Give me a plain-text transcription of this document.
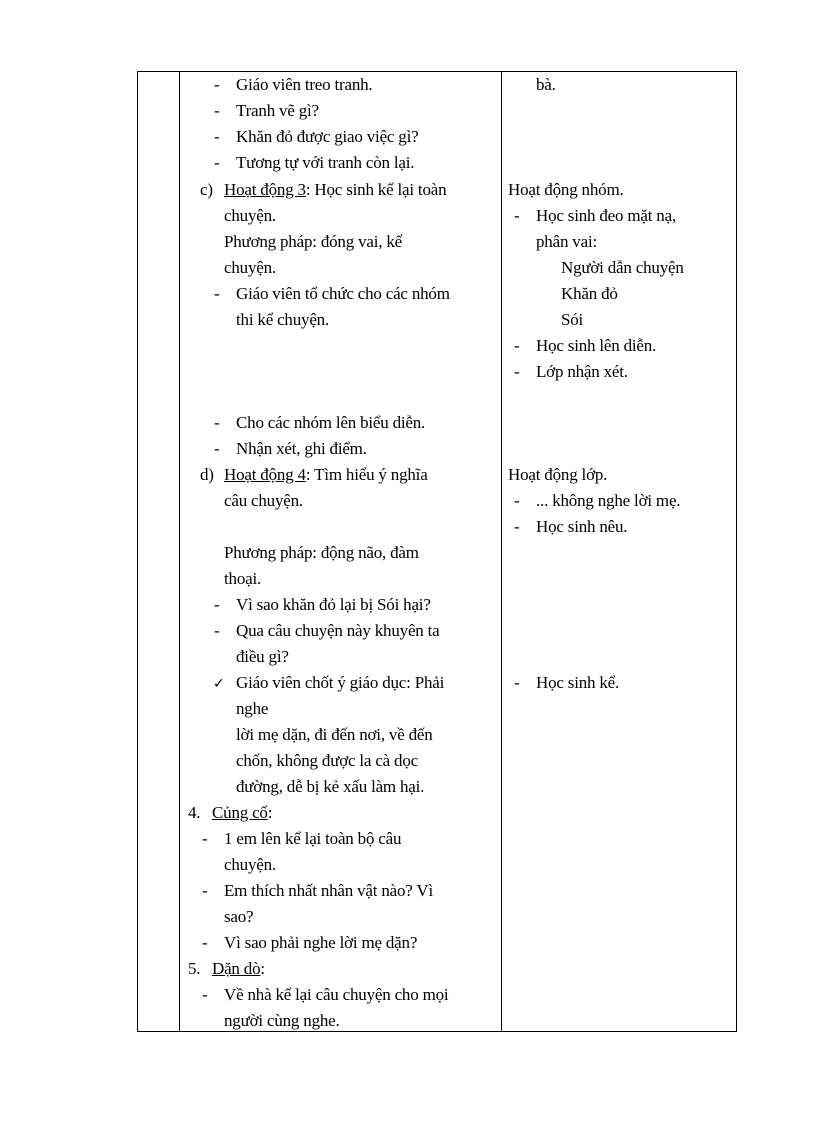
- Giáo viên treo tranh.
- Tranh vẽ gì?
- Khăn đỏ được giao việc gì?
- Tương tự với tranh còn lại.
c) Hoạt động 3: Học sinh kể lại toàn
chuyện.
Phương pháp: đóng vai, kể
chuyện.
- Giáo viên tổ chức cho các nhóm
thi kể chuyện.
- Cho các nhóm lên biểu diễn.
- Nhận xét, ghi điểm.
d) Hoạt động 4: Tìm hiểu ý nghĩa
câu chuyện.
Phương pháp: động não, đàm
thoại.
- Vì sao khăn đỏ lại bị Sói hại?
- Qua câu chuyện này khuyên ta
điều gì?
✓ Giáo viên chốt ý giáo dục: Phải
nghe
lời mẹ dặn, đi đến nơi, về đến
chốn, không được la cà dọc
đường, dễ bị kẻ xấu làm hại.
4. Củng cố:
- 1 em lên kể lại toàn bộ câu
chuyện.
- Em thích nhất nhân vật nào? Vì
sao?
- Vì sao phải nghe lời mẹ dặn?
5. Dặn dò:
- Về nhà kể lại câu chuyện cho mọi
người cùng nghe.
bà.
Hoạt động nhóm.
- Học sinh đeo mặt nạ,
phân vai:
Người dẫn chuyện
Khăn đỏ
Sói
- Học sinh lên diễn.
- Lớp nhận xét.
Hoạt động lớp.
- ... không nghe lời mẹ.
- Học sinh nêu.
- Học sinh kể.
